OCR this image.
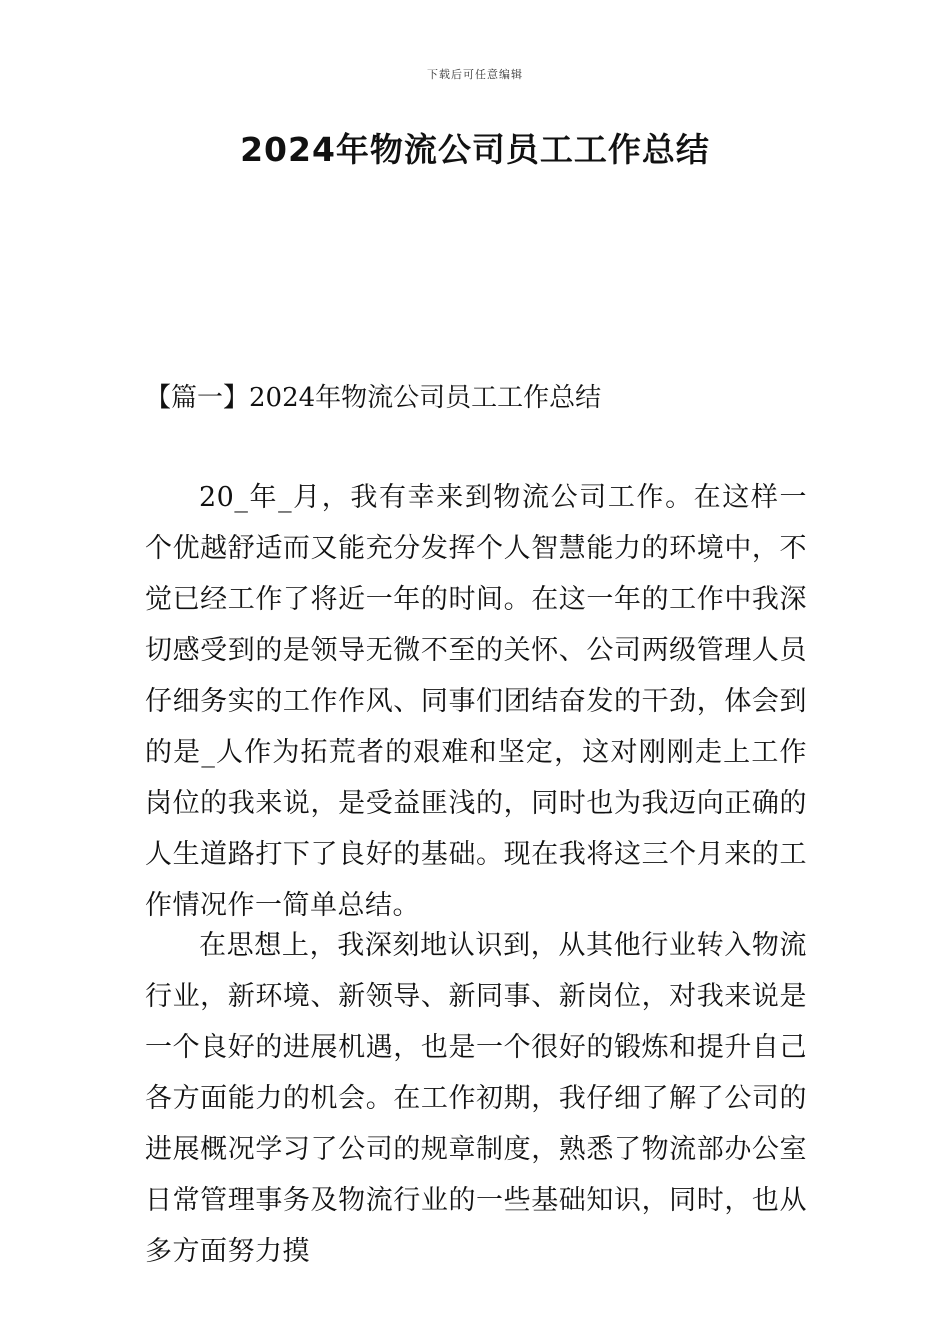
下载后可任意编辑
2024年物流公司员工工作总结
【篇一】2024年物流公司员工工作总结

20_年_月，我有幸来到物流公司工作。在这样一个优越舒适而又能充分发挥个人智慧能力的环境中，不觉已经工作了将近一年的时间。在这一年的工作中我深切感受到的是领导无微不至的关怀、公司两级管理人员仔细务实的工作作风、同事们团结奋发的干劲，体会到的是_人作为拓荒者的艰难和坚定，这对刚刚走上工作岗位的我来说，是受益匪浅的，同时也为我迈向正确的人生道路打下了良好的基础。现在我将这三个月来的工作情况作一简单总结。

在思想上，我深刻地认识到，从其他行业转入物流行业，新环境、新领导、新同事、新岗位，对我来说是一个良好的进展机遇，也是一个很好的锻炼和提升自己各方面能力的机会。在工作初期，我仔细了解了公司的进展概况学习了公司的规章制度，熟悉了物流部办公室日常管理事务及物流行业的一些基础知识，同时，也从多方面努力摸
